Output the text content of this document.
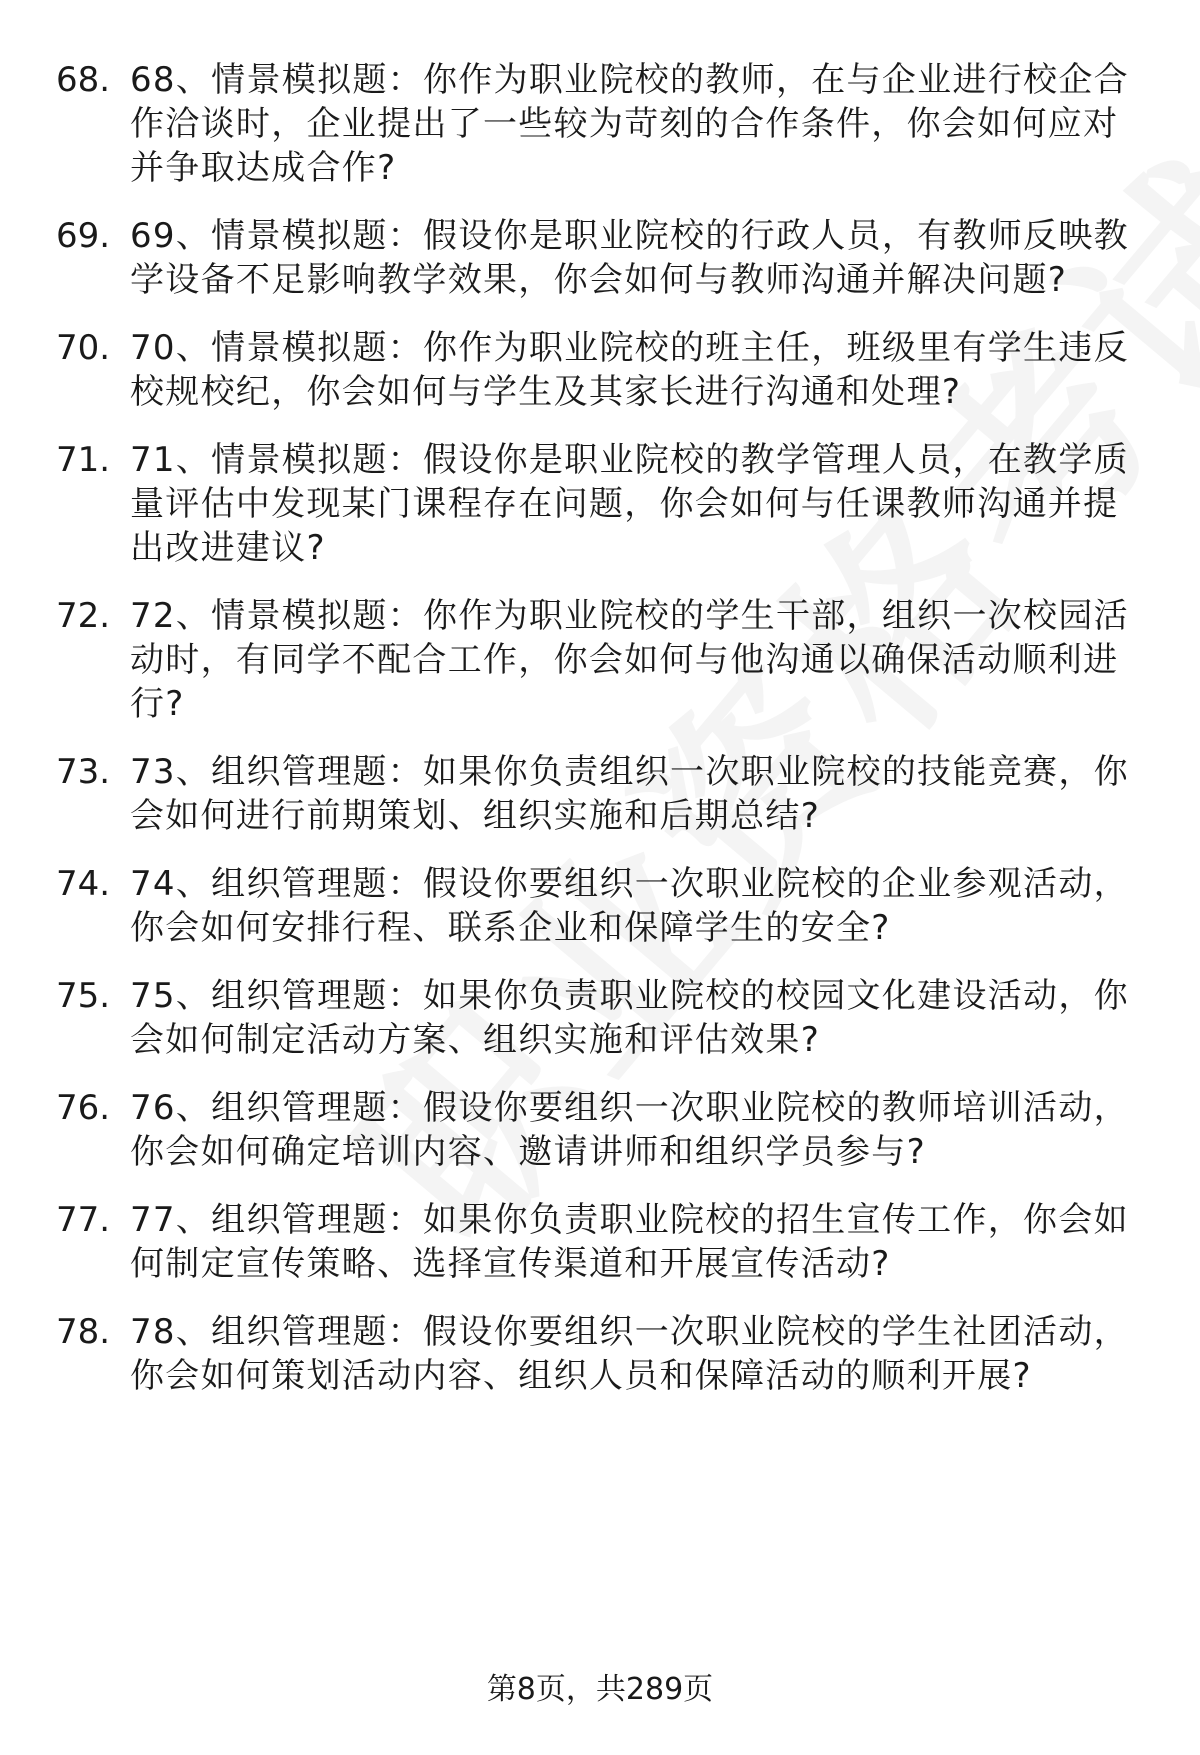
68. 68、情景模拟题：你作为职业院校的教师，在与企业进行校企合作洽谈时，企业提出了一些较为苛刻的合作条件，你会如何应对并争取达成合作?
69. 69、情景模拟题：假设你是职业院校的行政人员，有教师反映教学设备不足影响教学效果，你会如何与教师沟通并解决问题?
70. 70、情景模拟题：你作为职业院校的班主任，班级里有学生违反校规校纪，你会如何与学生及其家长进行沟通和处理?
71. 71、情景模拟题：假设你是职业院校的教学管理人员，在教学质量评估中发现某门课程存在问题，你会如何与任课教师沟通并提出改进建议?
72. 72、情景模拟题：你作为职业院校的学生干部，组织一次校园活动时，有同学不配合工作，你会如何与他沟通以确保活动顺利进行?
73. 73、组织管理题：如果你负责组织一次职业院校的技能竞赛，你会如何进行前期策划、组织实施和后期总结?
74. 74、组织管理题：假设你要组织一次职业院校的企业参观活动，你会如何安排行程、联系企业和保障学生的安全?
75. 75、组织管理题：如果你负责职业院校的校园文化建设活动，你会如何制定活动方案、组织实施和评估效果?
76. 76、组织管理题：假设你要组织一次职业院校的教师培训活动，你会如何确定培训内容、邀请讲师和组织学员参与?
77. 77、组织管理题：如果你负责职业院校的招生宣传工作，你会如何制定宣传策略、选择宣传渠道和开展宣传活动?
78. 78、组织管理题：假设你要组织一次职业院校的学生社团活动，你会如何策划活动内容、组织人员和保障活动的顺利开展?
第8页，共289页
